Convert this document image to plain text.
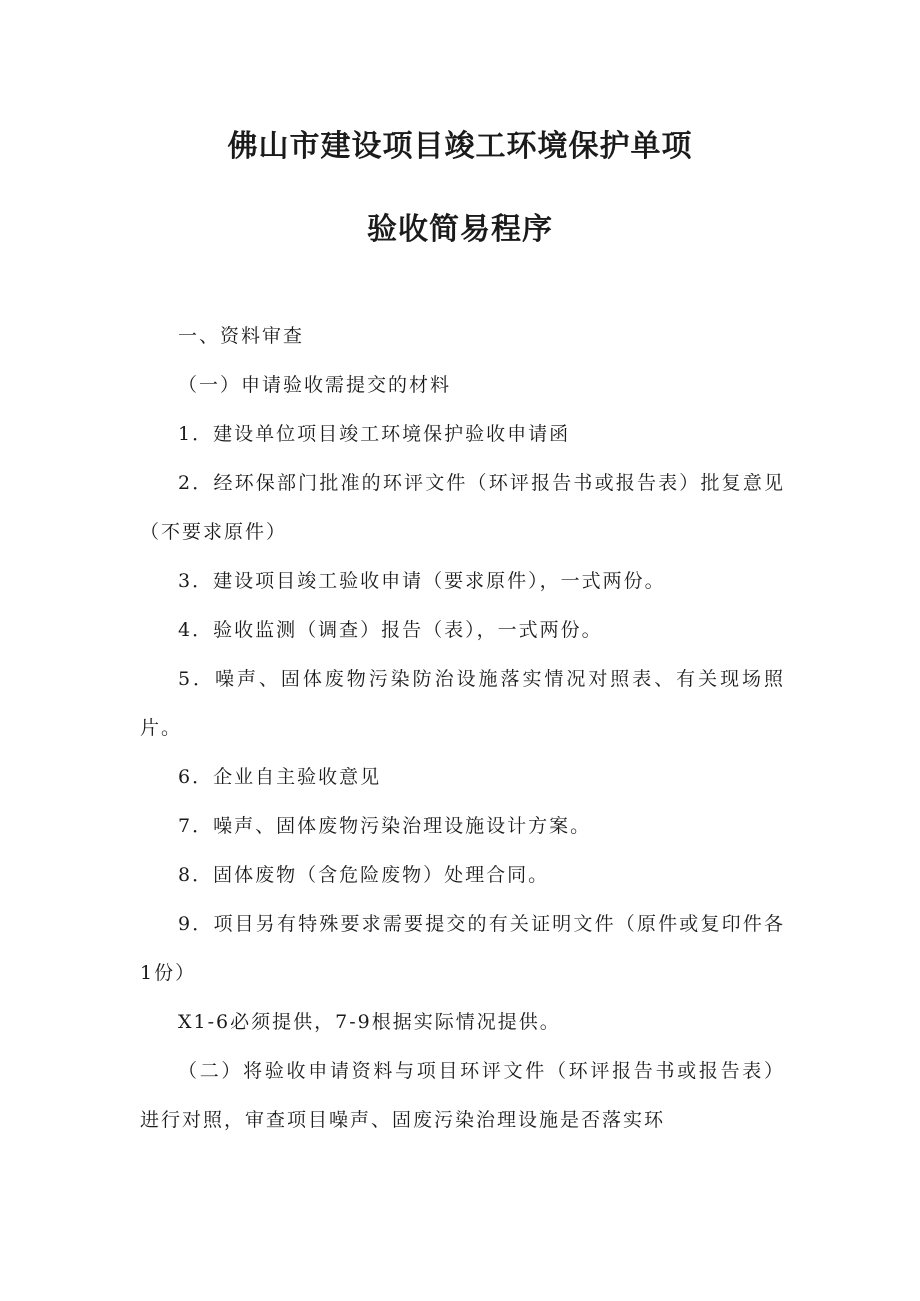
佛山市建设项目竣工环境保护单项
验收简易程序

一、资料审查

（一）申请验收需提交的材料

1．建设单位项目竣工环境保护验收申请函

2．经环保部门批准的环评文件（环评报告书或报告表）批复意见（不要求原件）

3．建设项目竣工验收申请（要求原件），一式两份。

4．验收监测（调查）报告（表），一式两份。

5．噪声、固体废物污染防治设施落实情况对照表、有关现场照片。

6．企业自主验收意见

7．噪声、固体废物污染治理设施设计方案。

8．固体废物（含危险废物）处理合同。

9．项目另有特殊要求需要提交的有关证明文件（原件或复印件各1份）

X1-6必须提供，7-9根据实际情况提供。

（二）将验收申请资料与项目环评文件（环评报告书或报告表）进行对照，审查项目噪声、固废污染治理设施是否落实环
